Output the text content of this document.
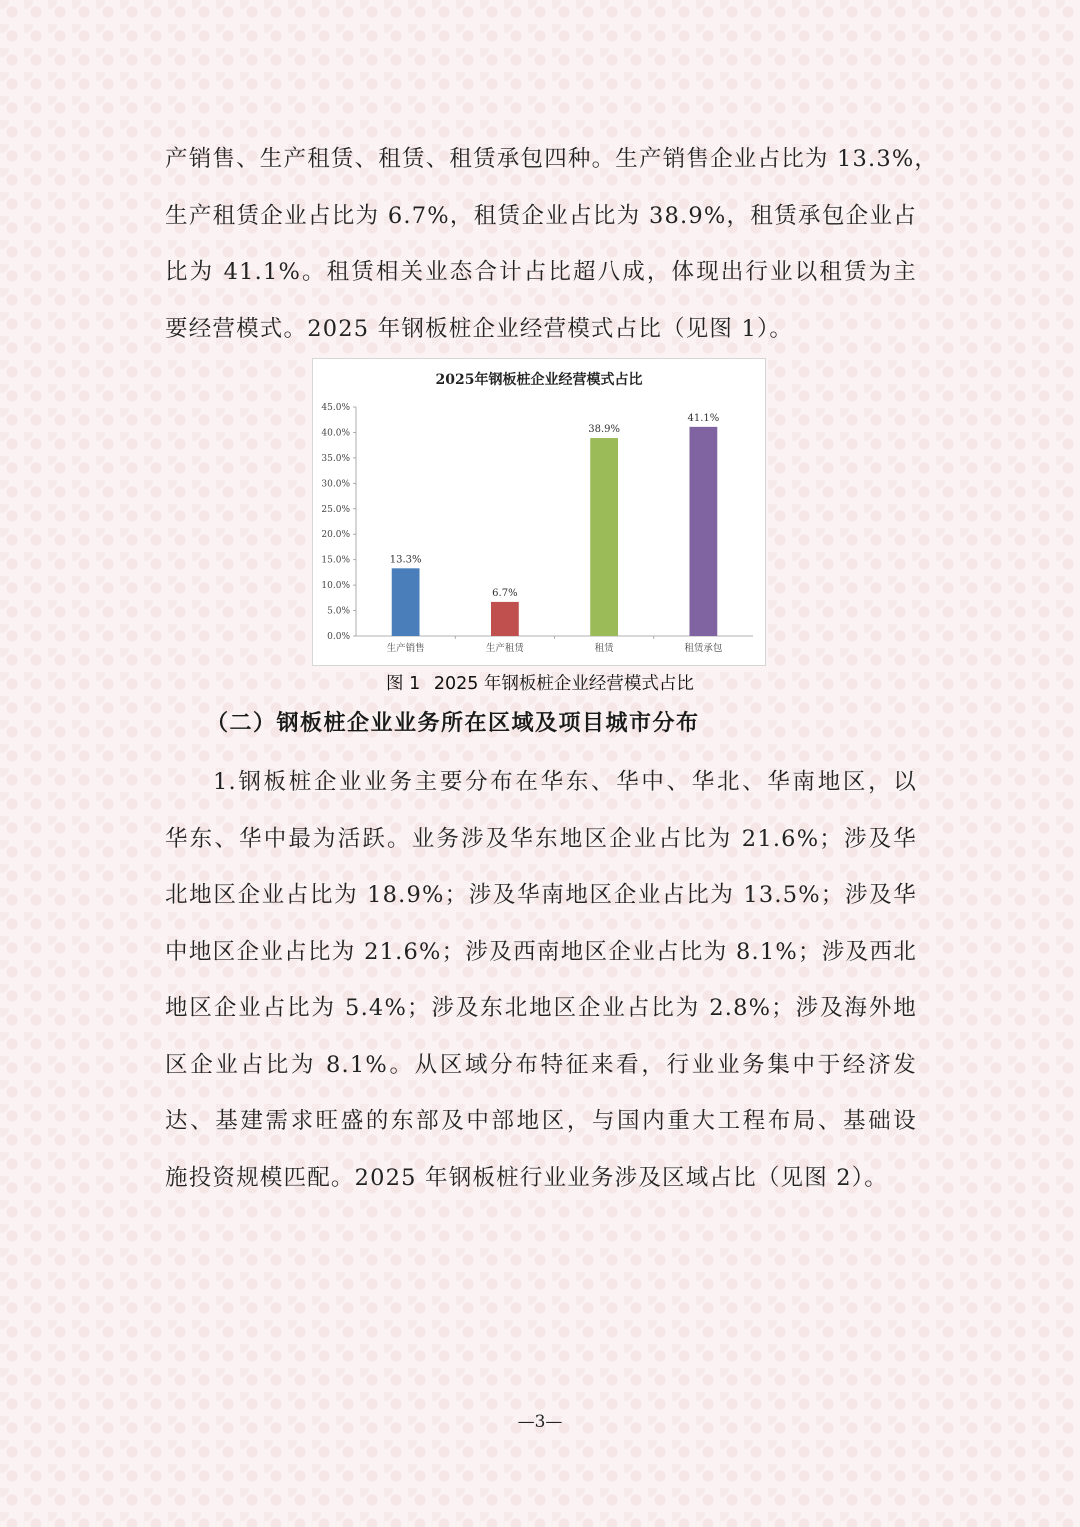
产销售、生产租赁、租赁、租赁承包四种。生产销售企业占比为 13.3%，
生产租赁企业占比为 6.7%，租赁企业占比为 38.9%，租赁承包企业占
比为 41.1%。租赁相关业态合计占比超八成，体现出行业以租赁为主
要经营模式。2025 年钢板桩企业经营模式占比（见图 1）。
2025年钢板桩企业经营模式占比
0.0%
5.0%
10.0%
15.0%
20.0%
25.0%
30.0%
35.0%
40.0%
45.0%
13.3%
6.7%
38.9%
41.1%
生产销售	生产租赁	租赁	租赁承包
图 1 2025 年钢板桩企业经营模式占比
（二）钢板桩企业业务所在区域及项目城市分布
1.钢板桩企业业务主要分布在华东、华中、华北、华南地区，以
华东、华中最为活跃。业务涉及华东地区企业占比为 21.6%；涉及华
北地区企业占比为 18.9%；涉及华南地区企业占比为 13.5%；涉及华
中地区企业占比为 21.6%；涉及西南地区企业占比为 8.1%；涉及西北
地区企业占比为 5.4%；涉及东北地区企业占比为 2.8%；涉及海外地
区企业占比为 8.1%。从区域分布特征来看，行业业务集中于经济发
达、基建需求旺盛的东部及中部地区，与国内重大工程布局、基础设
施投资规模匹配。2025 年钢板桩行业业务涉及区域占比（见图 2）。
—3—
